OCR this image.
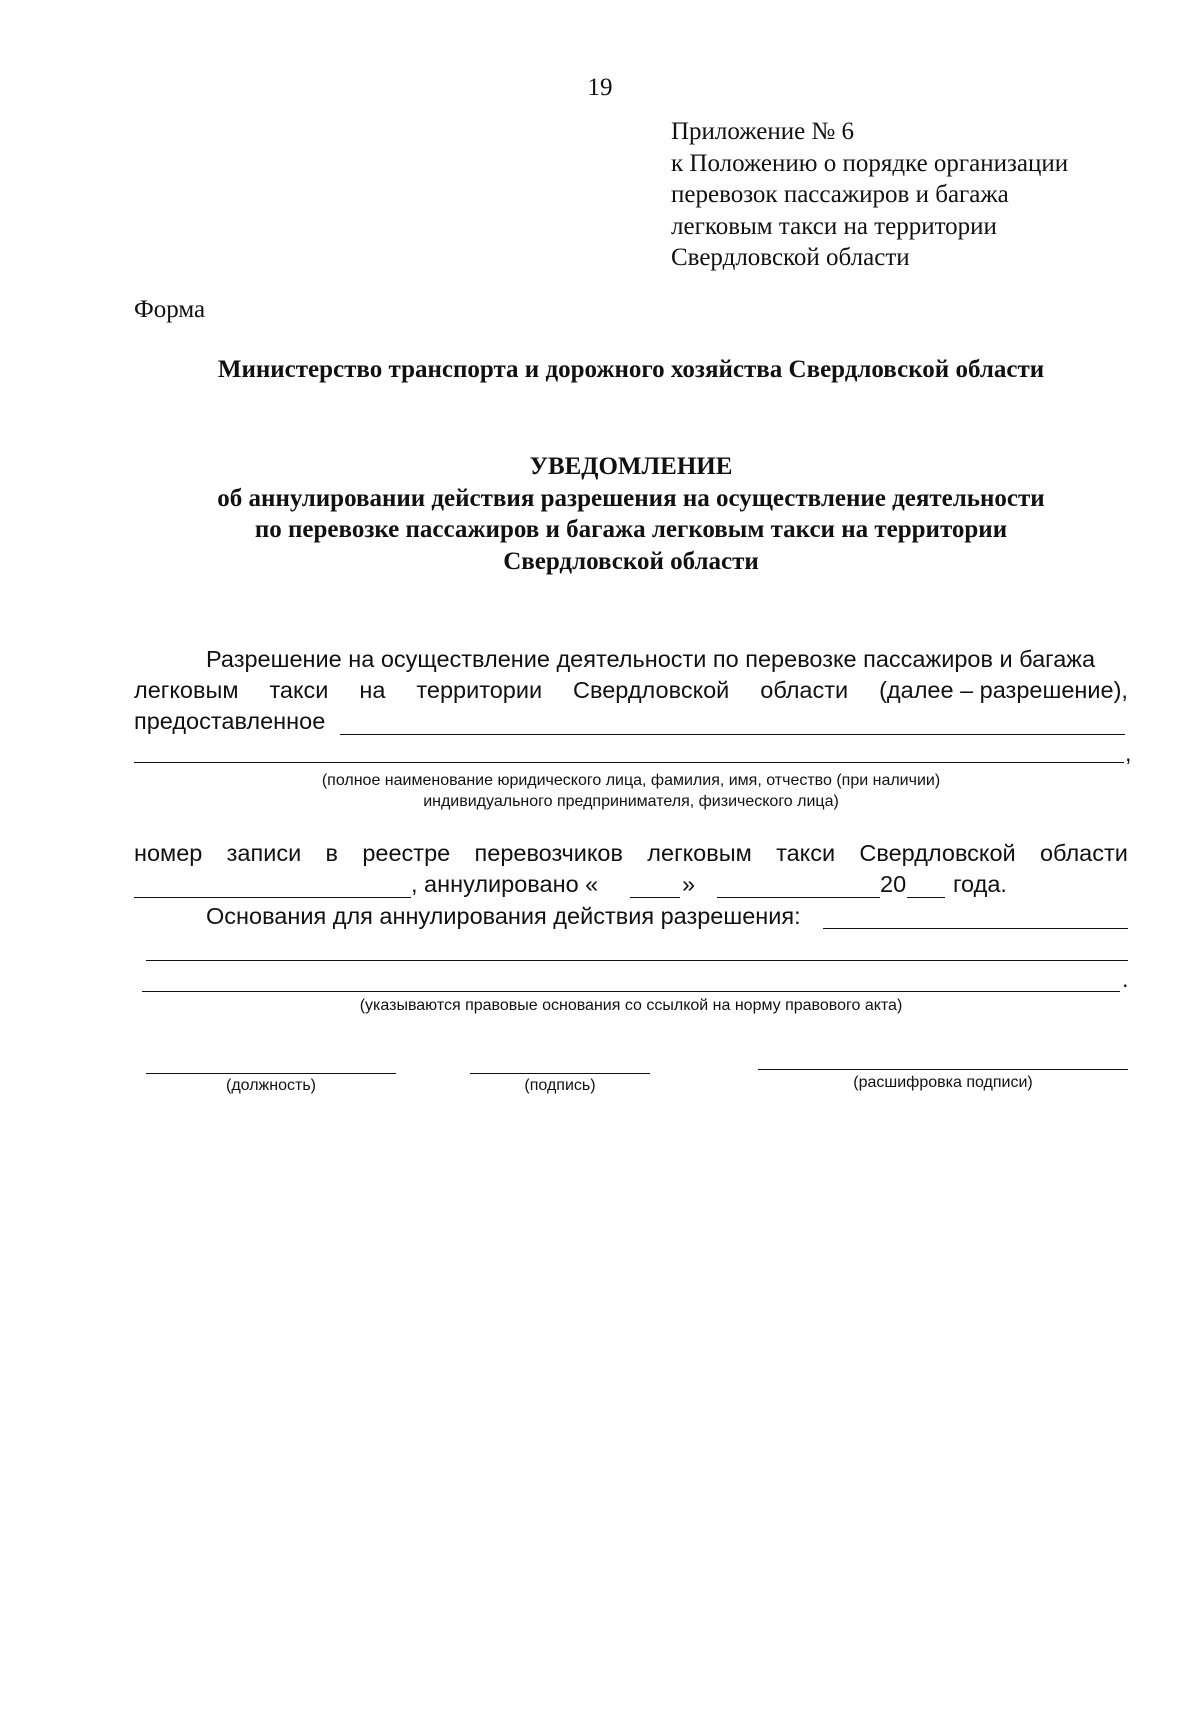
19
Приложение № 6
к Положению о порядке организации
перевозок пассажиров и багажа
легковым такси на территории
Свердловской области
Форма
Министерство транспорта и дорожного хозяйства Свердловской области
УВЕДОМЛЕНИЕ
об аннулировании действия разрешения на осуществление деятельности
по перевозке пассажиров и багажа легковым такси на территории
Свердловской области
Разрешение на осуществление деятельности по перевозке пассажиров и багажа
легковым такси на территории Свердловской области (далее – разрешение),
предоставленное
,
(полное наименование юридического лица, фамилия, имя, отчество (при наличии)
индивидуального предпринимателя, физического лица)
номер записи в реестре перевозчиков легковым такси Свердловской области
, аннулировано «	»	20 года.
Основания для аннулирования действия разрешения:
.
(указываются правовые основания со ссылкой на норму правового акта)
(должность)	(подпись)	(расшифровка подписи)
